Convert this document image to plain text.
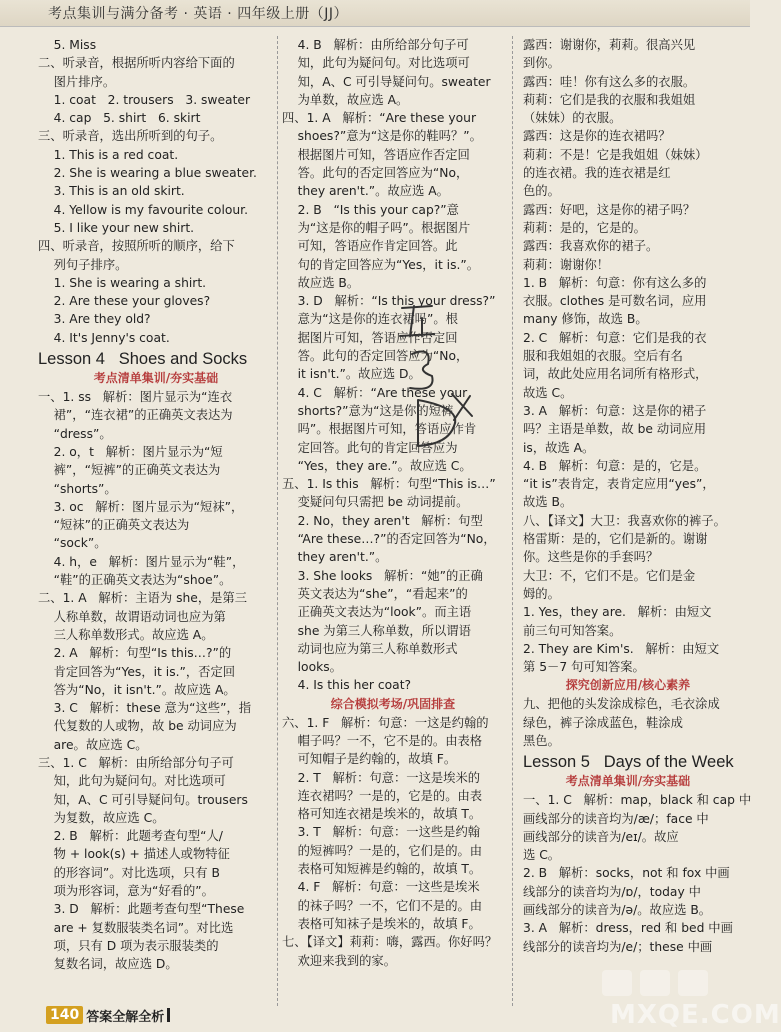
考点集训与满分备考 · 英语 · 四年级上册（JJ）
5. Miss
二、听录音，根据所听内容给下面的
图片排序。
1. coat   2. trousers   3. sweater
4. cap   5. shirt   6. skirt
三、听录音，选出所听到的句子。
1. This is a red coat.
2. She is wearing a blue sweater.
3. This is an old skirt.
4. Yellow is my favourite colour.
5. I like your new shirt.
四、听录音，按照所听的顺序，给下
列句子排序。
1. She is wearing a shirt.
2. Are these your gloves?
3. Are they old?
4. It's Jenny's coat.
Lesson 4   Shoes and Socks
考点清单集训/夯实基础
一、1. ss   解析：图片显示为“连衣
裙”，“连衣裙”的正确英文表达为
“dress”。
2. o，t   解析：图片显示为“短
裤”，“短裤”的正确英文表达为
“shorts”。
3. oc   解析：图片显示为“短袜”，
“短袜”的正确英文表达为
“sock”。
4. h，e   解析：图片显示为“鞋”，
“鞋”的正确英文表达为“shoe”。
二、1. A   解析：主语为 she，是第三
人称单数，故谓语动词也应为第
三人称单数形式。故应选 A。
2. A   解析：句型“Is this…?”的
肯定回答为“Yes，it is.”，否定回
答为“No，it isn't.”。故应选 A。
3. C   解析：these 意为“这些”，指
代复数的人或物，故 be 动词应为
are。故应选 C。
三、1. C   解析：由所给部分句子可
知，此句为疑问句。对比选项可
知，A、C 可引导疑问句。trousers
为复数，故应选 C。
2. B   解析：此题考查句型“人/
物 + look(s) + 描述人或物特征
的形容词”。对比选项，只有 B
项为形容词，意为“好看的”。
3. D   解析：此题考查句型“These
are + 复数服装类名词”。对比选
项，只有 D 项为表示服装类的
复数名词，故应选 D。
4. B   解析：由所给部分句子可
知，此句为疑问句。对比选项可
知，A、C 可引导疑问句。sweater
为单数，故应选 A。
四、1. A   解析：“Are these your
shoes?”意为“这是你的鞋吗？”。
根据图片可知，答语应作否定回
答。此句的否定回答应为“No，
they aren't.”。故应选 A。
2. B   “Is this your cap?”意
为“这是你的帽子吗”。根据图片
可知，答语应作肯定回答。此
句的肯定回答应为“Yes，it is.”。
故应选 B。
3. D   解析：“Is this your dress?”
意为“这是你的连衣裙吗”。根
据图片可知，答语应作否定回
答。此句的否定回答应为“No，
it isn't.”。故应选 D。
4. C   解析：“Are these your
shorts?”意为“这是你的短裤
吗”。根据图片可知，答语应作肯
定回答。此句的肯定回答应为
“Yes，they are.”。故应选 C。
五、1. Is this   解析：句型“This is…”
变疑问句只需把 be 动词提前。
2. No，they aren't   解析：句型
“Are these…?”的否定回答为“No，
they aren't.”。
3. She looks   解析：“她”的正确
英文表达为“she”，“看起来”的
正确英文表达为“look”。而主语
she 为第三人称单数，所以谓语
动词也应为第三人称单数形式
looks。
4. Is this her coat?
综合模拟考场/巩固排查
六、1. F   解析：句意：一这是约翰的
帽子吗？一不，它不是的。由表格
可知帽子是约翰的，故填 F。
2. T   解析：句意：一这是埃米的
连衣裙吗？一是的，它是的。由表
格可知连衣裙是埃米的，故填 T。
3. T   解析：句意：一这些是约翰
的短裤吗？一是的，它们是的。由
表格可知短裤是约翰的，故填 T。
4. F   解析：句意：一这些是埃米
的袜子吗？一不，它们不是的。由
表格可知袜子是埃米的，故填 F。
七、【译文】莉莉：嗨，露西。你好吗？
欢迎来我到的家。
露西：谢谢你，莉莉。很高兴见
到你。
露西：哇！你有这么多的衣服。
莉莉：它们是我的衣服和我姐姐
（妹妹）的衣服。
露西：这是你的连衣裙吗？
莉莉：不是！它是我姐姐（妹妹）
的连衣裙。我的连衣裙是红
色的。
露西：好吧，这是你的裙子吗？
莉莉：是的，它是的。
露西：我喜欢你的裙子。
莉莉：谢谢你！
1. B   解析：句意：你有这么多的
衣服。clothes 是可数名词，应用
many 修饰，故选 B。
2. C   解析：句意：它们是我的衣
服和我姐姐的衣服。空后有名
词，故此处应用名词所有格形式，
故选 C。
3. A   解析：句意：这是你的裙子
吗？主语是单数，故 be 动词应用
is，故选 A。
4. B   解析：句意：是的，它是。
“it is”表肯定，表肯定应用“yes”，
故选 B。
八、【译文】大卫：我喜欢你的裤子。
格雷斯：是的，它们是新的。谢谢
你。这些是你的手套吗？
大卫：不，它们不是。它们是金
姆的。
1. Yes，they are.   解析：由短文
前三句可知答案。
2. They are Kim's.   解析：由短文
第 5－7 句可知答案。
探究创新应用/核心素养
九、把他的头发涂成棕色，毛衣涂成
绿色，裤子涂成蓝色，鞋涂成
黑色。
Lesson 5   Days of the Week
考点清单集训/夯实基础
一、1. C   解析：map，black 和 cap 中
画线部分的读音均为/æ/；face 中
画线部分的读音为/eɪ/。故应
选 C。
2. B   解析：socks，not 和 fox 中画
线部分的读音均为/ɒ/，today 中
画线部分的读音为/ə/。故应选 B。
3. A   解析：dress，red 和 bed 中画
线部分的读音均为/e/；these 中画
140 答案全解全析	MXQE.COM
